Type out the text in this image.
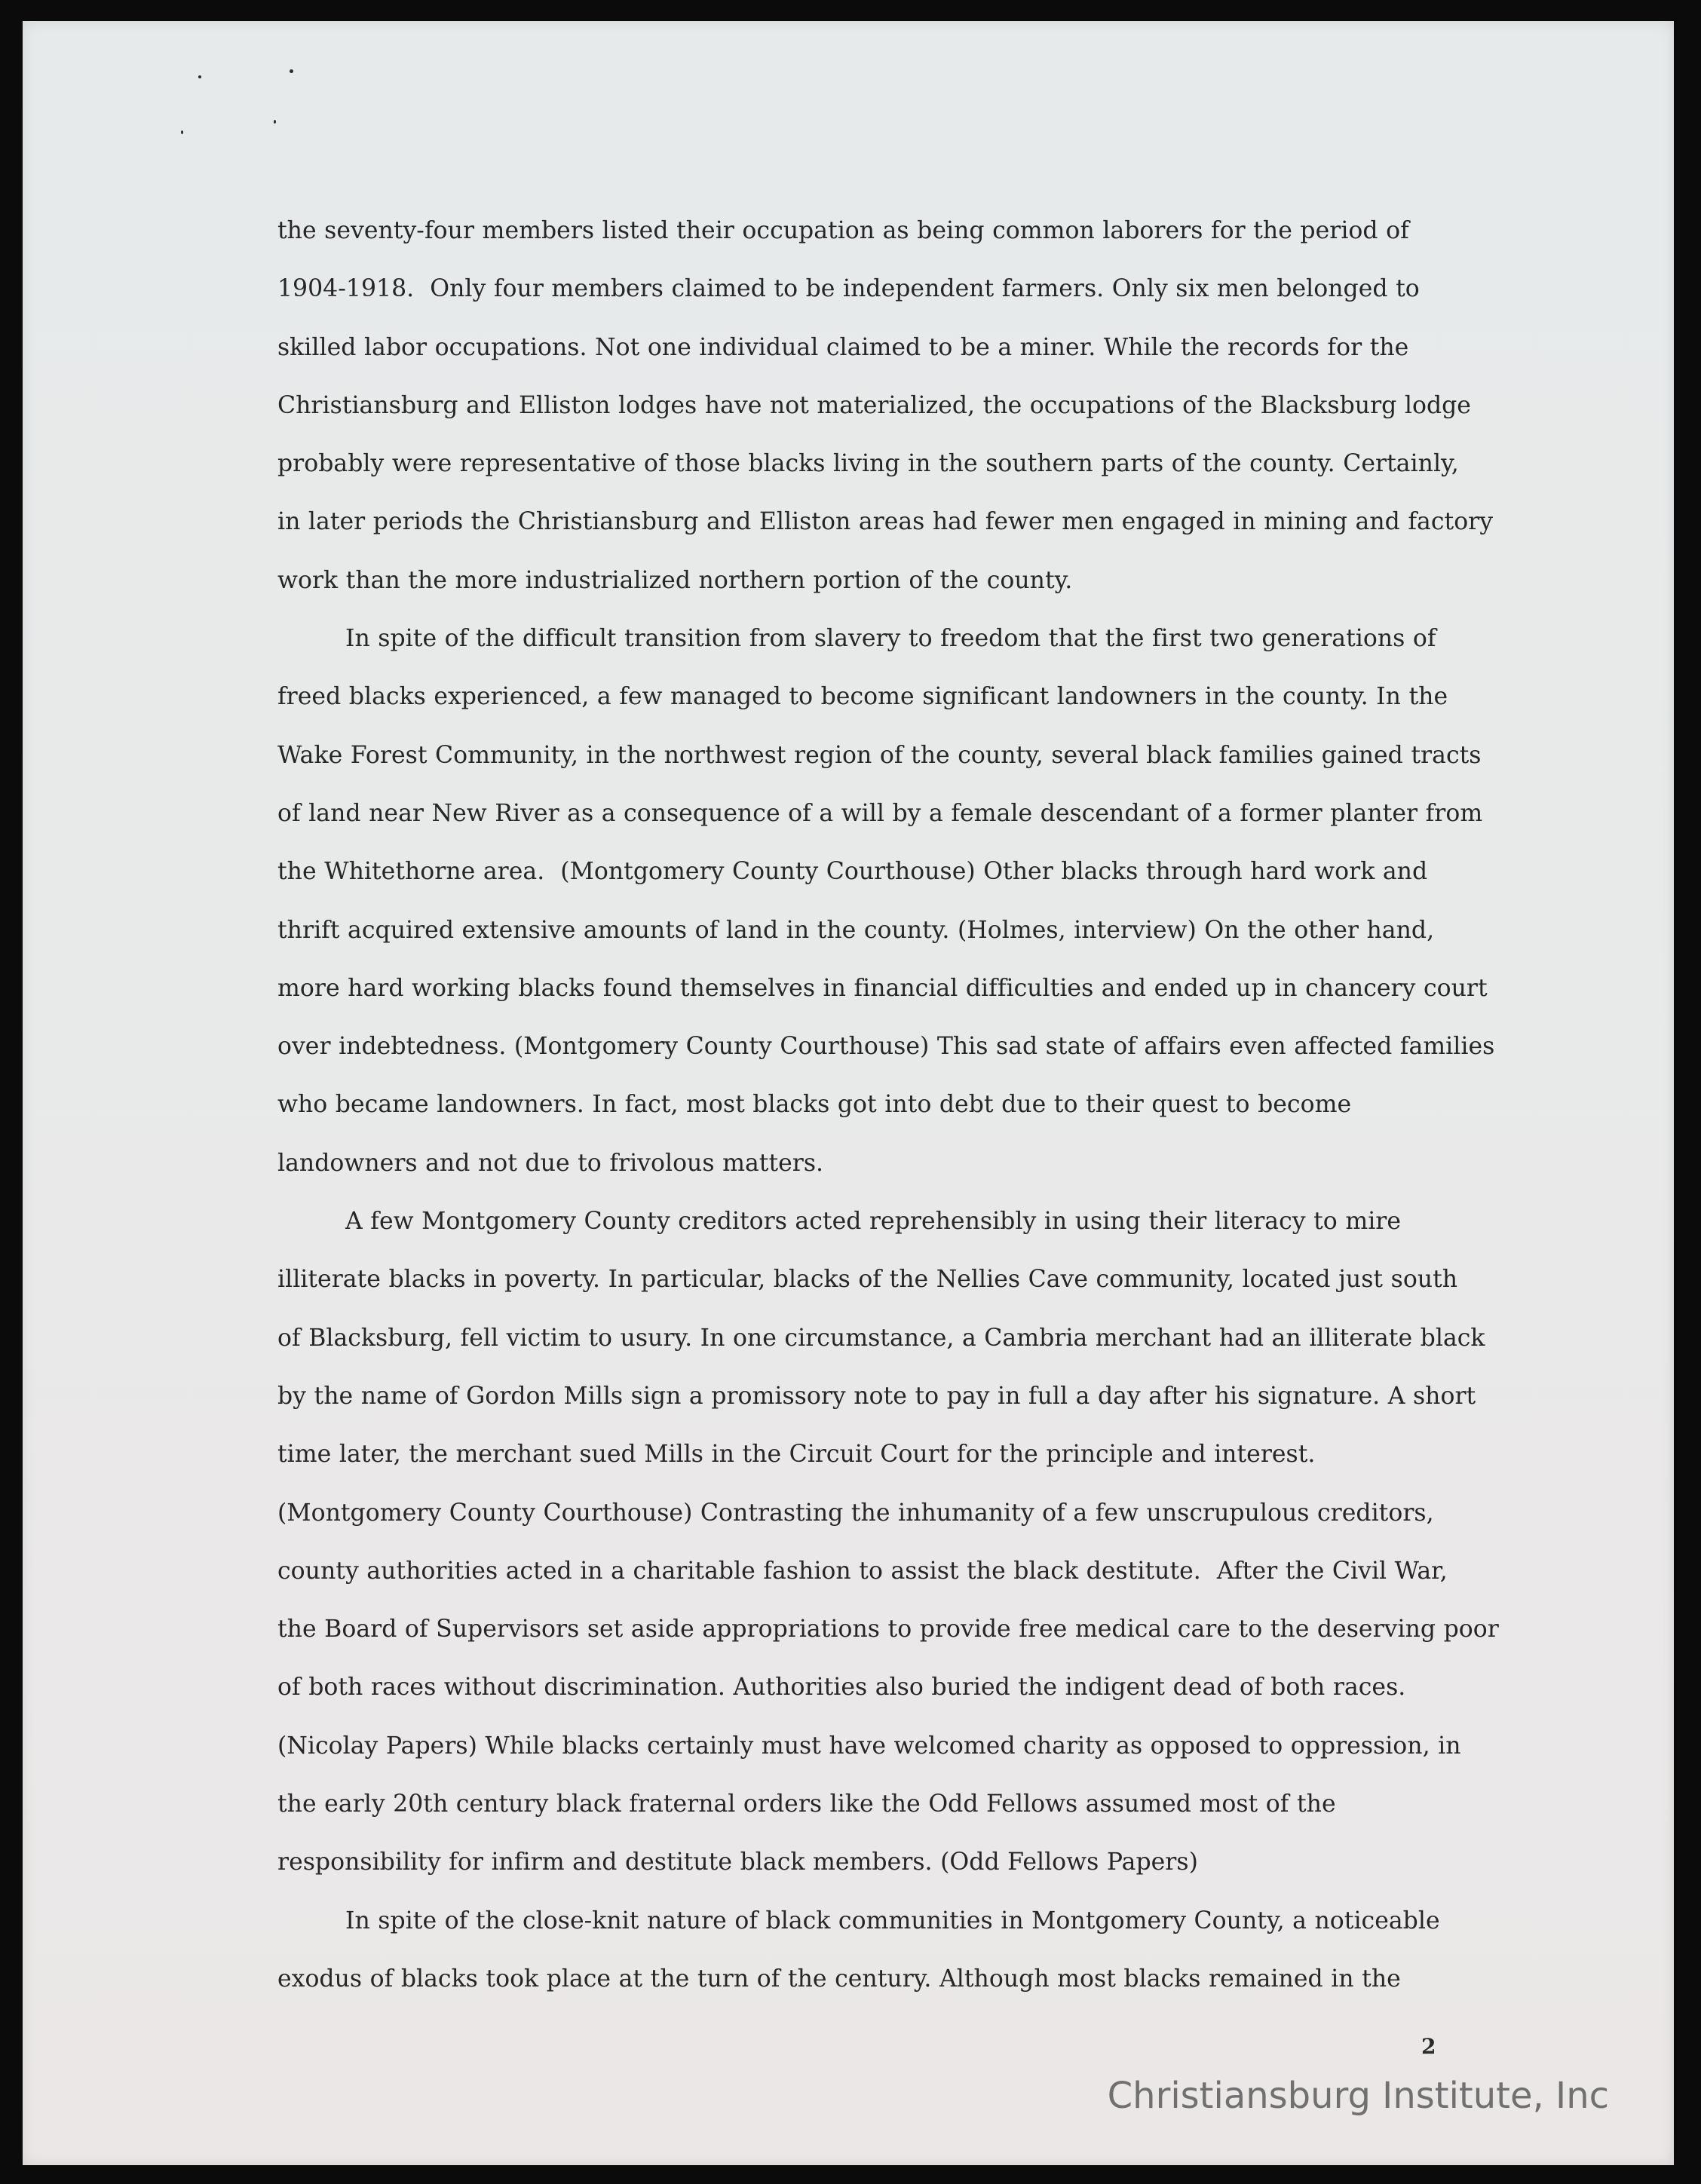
the seventy-four members listed their occupation as being common laborers for the period of
1904-1918.  Only four members claimed to be independent farmers. Only six men belonged to
skilled labor occupations. Not one individual claimed to be a miner. While the records for the
Christiansburg and Elliston lodges have not materialized, the occupations of the Blacksburg lodge
probably were representative of those blacks living in the southern parts of the county. Certainly,
in later periods the Christiansburg and Elliston areas had fewer men engaged in mining and factory
work than the more industrialized northern portion of the county.
In spite of the difficult transition from slavery to freedom that the first two generations of
freed blacks experienced, a few managed to become significant landowners in the county. In the
Wake Forest Community, in the northwest region of the county, several black families gained tracts
of land near New River as a consequence of a will by a female descendant of a former planter from
the Whitethorne area.  (Montgomery County Courthouse) Other blacks through hard work and
thrift acquired extensive amounts of land in the county. (Holmes, interview) On the other hand,
more hard working blacks found themselves in financial difficulties and ended up in chancery court
over indebtedness. (Montgomery County Courthouse) This sad state of affairs even affected families
who became landowners. In fact, most blacks got into debt due to their quest to become
landowners and not due to frivolous matters.
A few Montgomery County creditors acted reprehensibly in using their literacy to mire
illiterate blacks in poverty. In particular, blacks of the Nellies Cave community, located just south
of Blacksburg, fell victim to usury. In one circumstance, a Cambria merchant had an illiterate black
by the name of Gordon Mills sign a promissory note to pay in full a day after his signature. A short
time later, the merchant sued Mills in the Circuit Court for the principle and interest.
(Montgomery County Courthouse) Contrasting the inhumanity of a few unscrupulous creditors,
county authorities acted in a charitable fashion to assist the black destitute.  After the Civil War,
the Board of Supervisors set aside appropriations to provide free medical care to the deserving poor
of both races without discrimination. Authorities also buried the indigent dead of both races.
(Nicolay Papers) While blacks certainly must have welcomed charity as opposed to oppression, in
the early 20th century black fraternal orders like the Odd Fellows assumed most of the
responsibility for infirm and destitute black members. (Odd Fellows Papers)
In spite of the close-knit nature of black communities in Montgomery County, a noticeable
exodus of blacks took place at the turn of the century. Although most blacks remained in the
2
Christiansburg Institute, Inc
